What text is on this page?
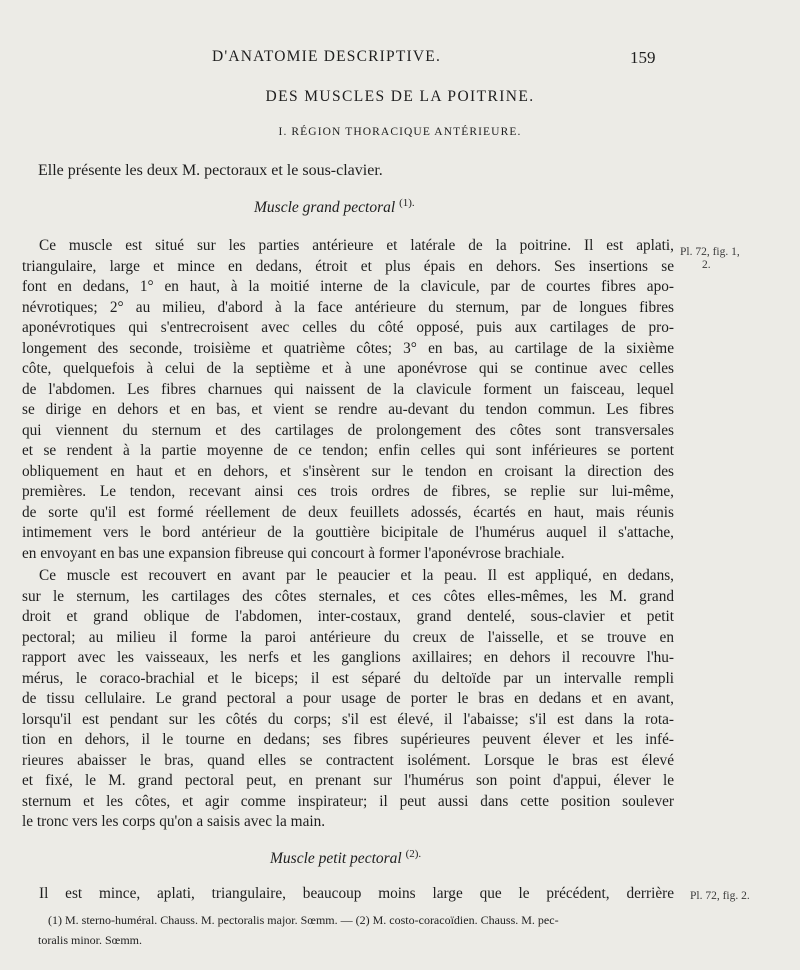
D'ANATOMIE DESCRIPTIVE.	159
DES MUSCLES DE LA POITRINE.
I. RÉGION THORACIQUE ANTÉRIEURE.
Elle présente les deux M. pectoraux et le sous-clavier.
Muscle grand pectoral $^{(1).}$
Pl. 72, fig. 1,
2.
Ce muscle est situé sur les parties antérieure et latérale de la poitrine. Il est aplati,
triangulaire, large et mince en dedans, étroit et plus épais en dehors. Ses insertions se
font en dedans, 1° en haut, à la moitié interne de la clavicule, par de courtes fibres apo-
névrotiques; 2° au milieu, d'abord à la face antérieure du sternum, par de longues fibres
aponévrotiques qui s'entrecroisent avec celles du côté opposé, puis aux cartilages de pro-
longement des seconde, troisième et quatrième côtes; 3° en bas, au cartilage de la sixième
côte, quelquefois à celui de la septième et à une aponévrose qui se continue avec celles
de l'abdomen. Les fibres charnues qui naissent de la clavicule forment un faisceau, lequel
se dirige en dehors et en bas, et vient se rendre au-devant du tendon commun. Les fibres
qui viennent du sternum et des cartilages de prolongement des côtes sont transversales
et se rendent à la partie moyenne de ce tendon; enfin celles qui sont inférieures se portent
obliquement en haut et en dehors, et s'insèrent sur le tendon en croisant la direction des
premières. Le tendon, recevant ainsi ces trois ordres de fibres, se replie sur lui-même,
de sorte qu'il est formé réellement de deux feuillets adossés, écartés en haut, mais réunis
intimement vers le bord antérieur de la gouttière bicipitale de l'humérus auquel il s'attache,
en envoyant en bas une expansion fibreuse qui concourt à former l'aponévrose brachiale.
Ce muscle est recouvert en avant par le peaucier et la peau. Il est appliqué, en dedans,
sur le sternum, les cartilages des côtes sternales, et ces côtes elles-mêmes, les M. grand
droit et grand oblique de l'abdomen, inter-costaux, grand dentelé, sous-clavier et petit
pectoral; au milieu il forme la paroi antérieure du creux de l'aisselle, et se trouve en
rapport avec les vaisseaux, les nerfs et les ganglions axillaires; en dehors il recouvre l'hu-
mérus, le coraco-brachial et le biceps; il est séparé du deltoïde par un intervalle rempli
de tissu cellulaire. Le grand pectoral a pour usage de porter le bras en dedans et en avant,
lorsqu'il est pendant sur les côtés du corps; s'il est élevé, il l'abaisse; s'il est dans la rota-
tion en dehors, il le tourne en dedans; ses fibres supérieures peuvent élever et les infé-
rieures abaisser le bras, quand elles se contractent isolément. Lorsque le bras est élevé
et fixé, le M. grand pectoral peut, en prenant sur l'humérus son point d'appui, élever le
sternum et les côtes, et agir comme inspirateur; il peut aussi dans cette position soulever
le tronc vers les corps qu'on a saisis avec la main.
Muscle petit pectoral $^{(2).}$
Il est mince, aplati, triangulaire, beaucoup moins large que le précédent, derrière Pl. 72, fig. 2.
(1) M. sterno-huméral. Chauss. M. pectoralis major. Sœmm. — (2) M. costo-coracoïdien. Chauss. M. pec-
toralis minor. Sœmm.
